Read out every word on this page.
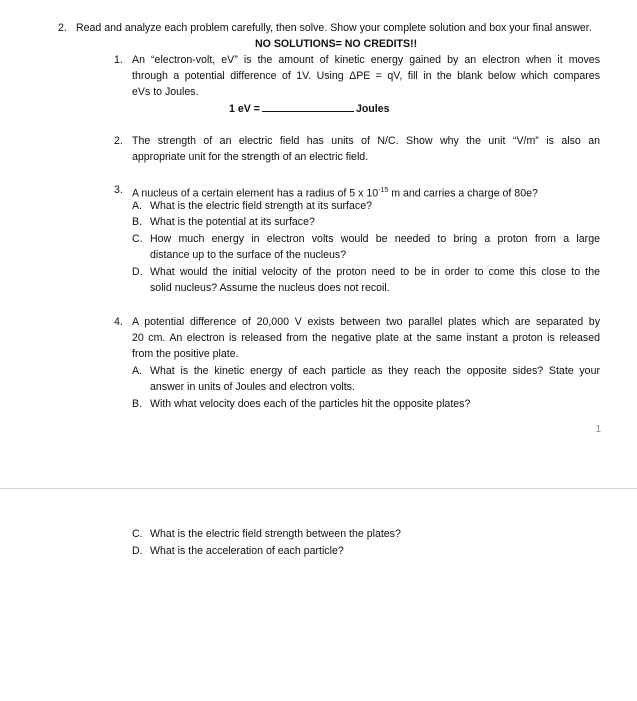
2. Read and analyze each problem carefully, then solve. Show your complete solution and box your final answer.
NO SOLUTIONS= NO CREDITS!!
1. An “electron-volt, eV” is the amount of kinetic energy gained by an electron when it moves
through a potential difference of 1V. Using ΔPE = qV, fill in the blank below which compares
eVs to Joules.
1 eV =	Joules
2. The strength of an electric field has units of N/C. Show why the unit “V/m” is also an
appropriate unit for the strength of an electric field.
3. A nucleus of a certain element has a radius of 5 x $10^{-15}$ m and carries a charge of 80e?
A. What is the electric field strength at its surface?
B. What is the potential at its surface?
C. How much energy in electron volts would be needed to bring a proton from a large
distance up to the surface of the nucleus?
D. What would the initial velocity of the proton need to be in order to come this close to the
solid nucleus? Assume the nucleus does not recoil.
4. A potential difference of 20,000 V exists between two parallel plates which are separated by
20 cm. An electron is released from the negative plate at the same instant a proton is released
from the positive plate.
A. What is the kinetic energy of each particle as they reach the opposite sides? State your
answer in units of Joules and electron volts.
B. With what velocity does each of the particles hit the opposite plates?
1
C. What is the electric field strength between the plates?
D. What is the acceleration of each particle?
